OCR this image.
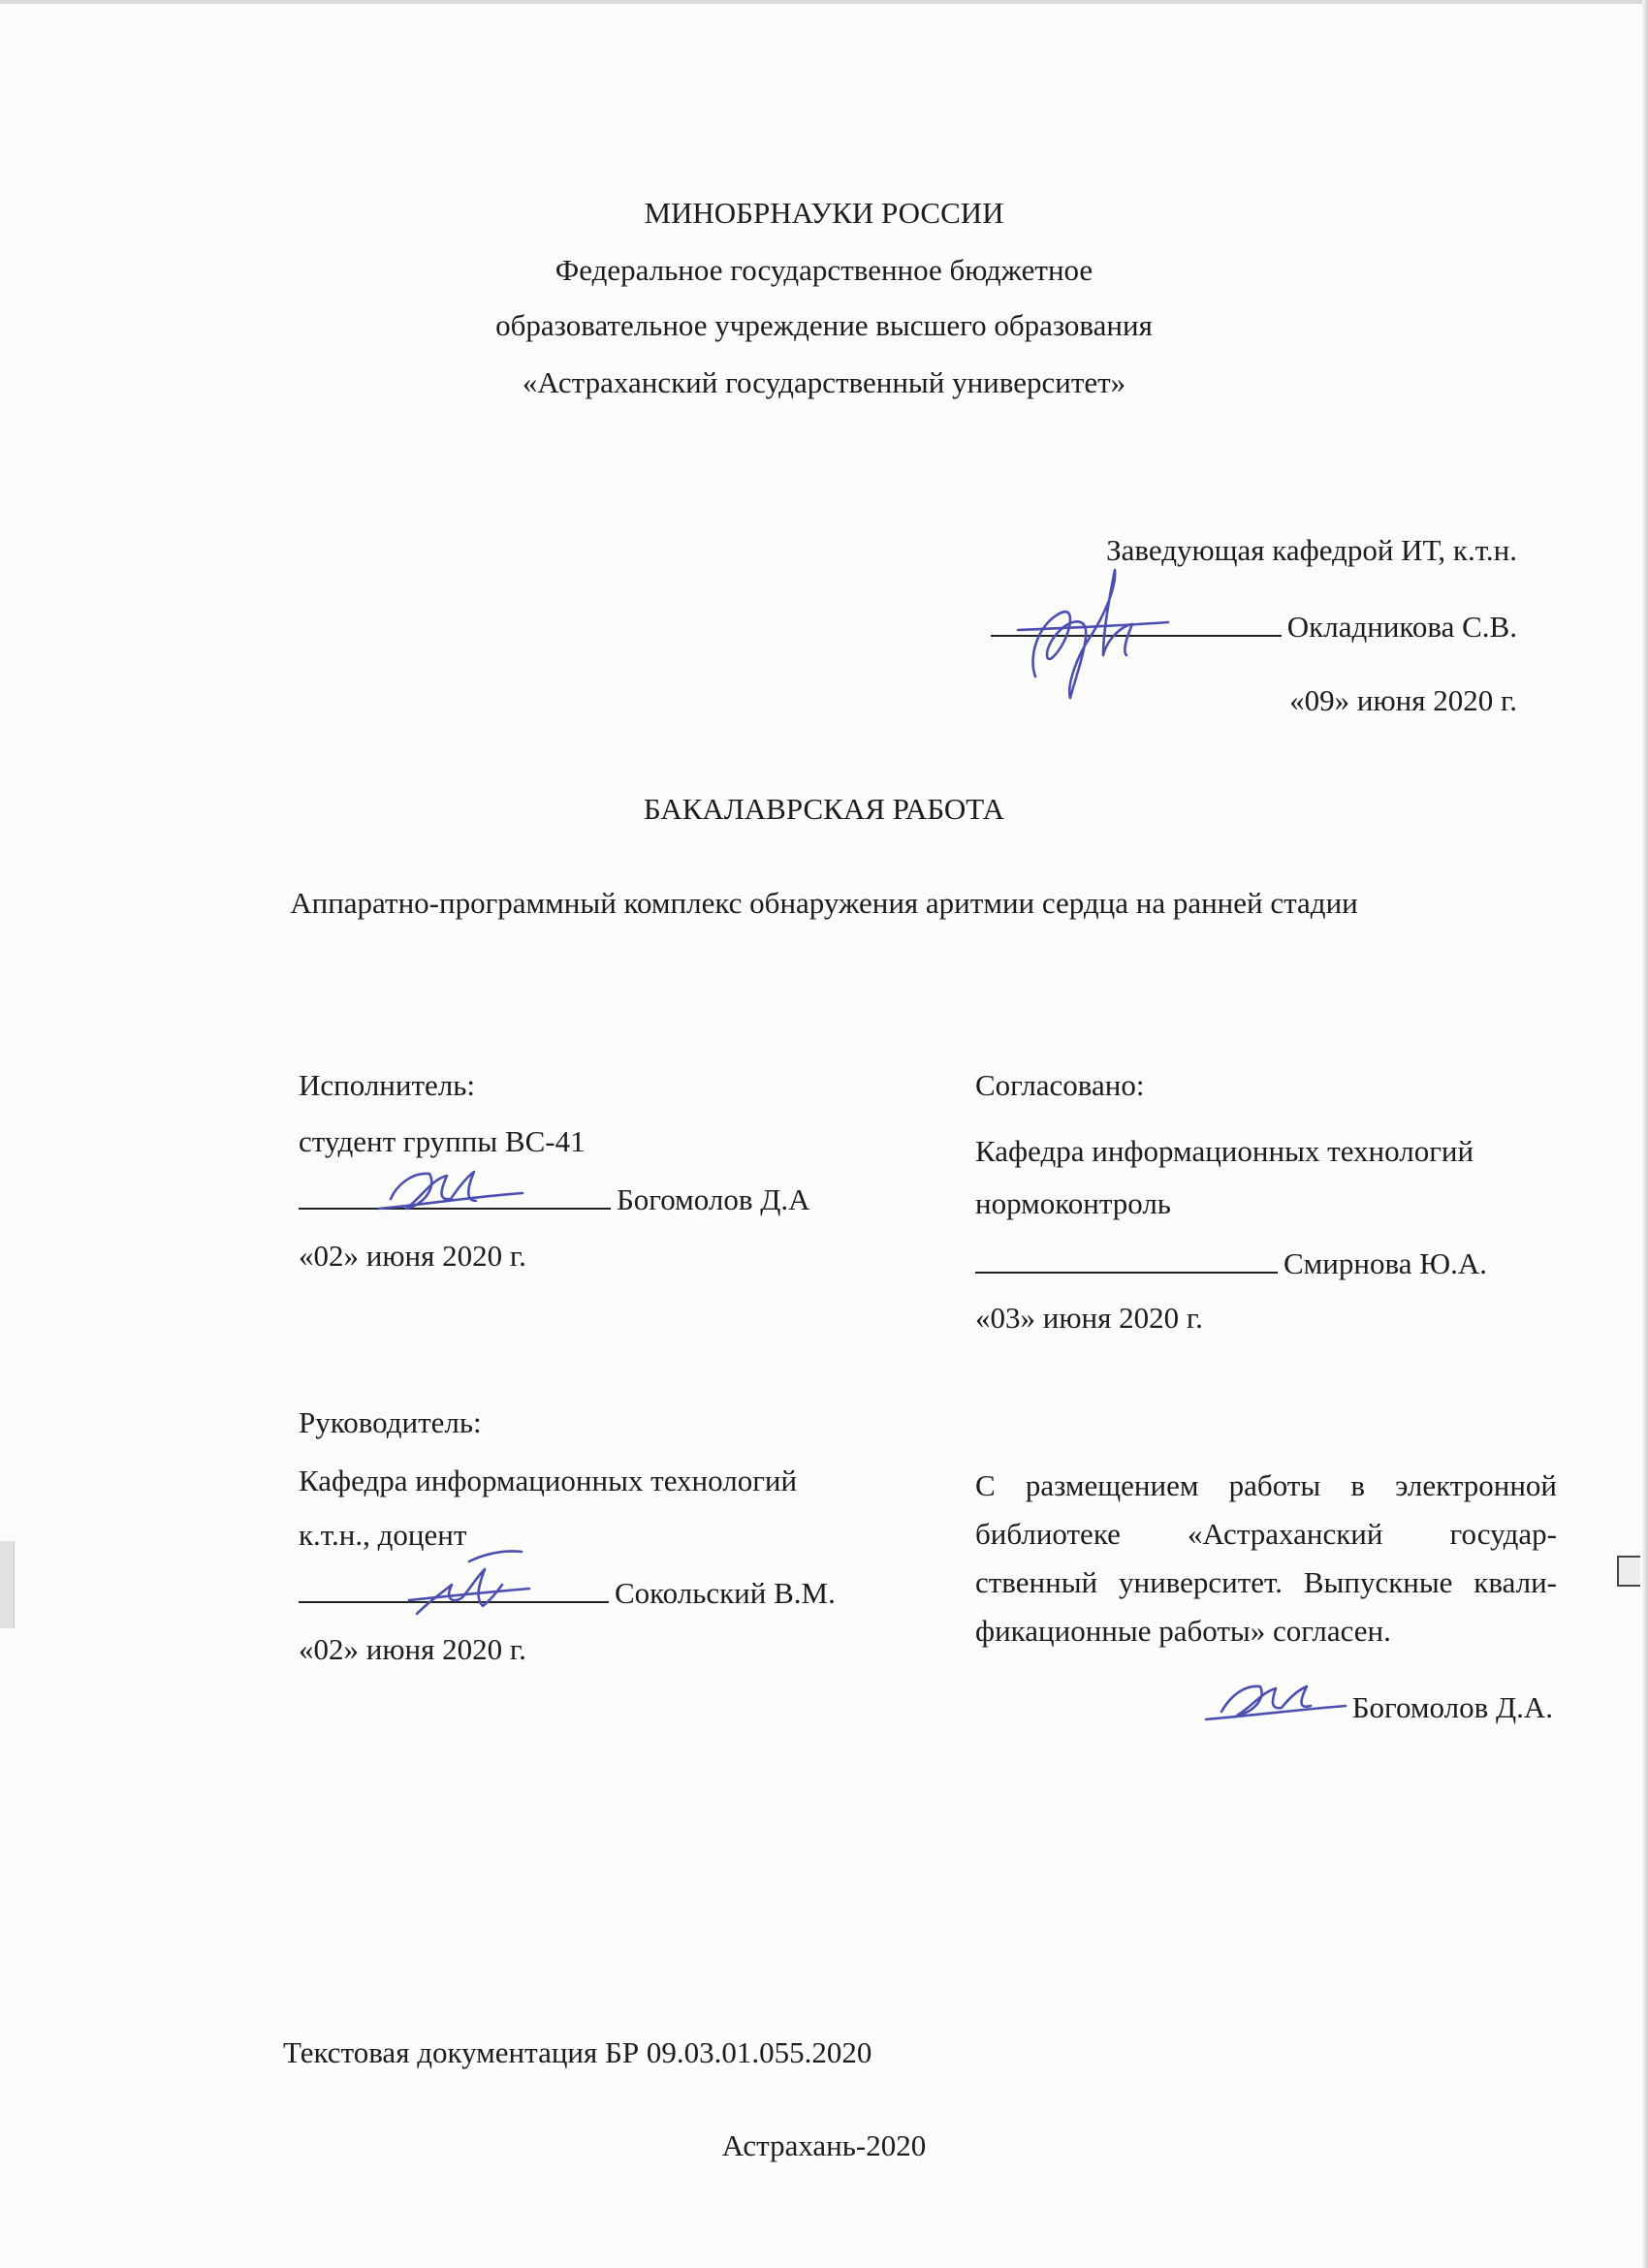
МИНОБРНАУКИ РОССИИ
Федеральное государственное бюджетное
образовательное учреждение высшего образования
«Астраханский государственный университет»
Заведующая кафедрой ИТ, к.т.н.
Окладникова С.В.
«09» июня 2020 г.
БАКАЛАВРСКАЯ РАБОТА
Аппаратно-программный комплекс обнаружения аритмии сердца на ранней стадии
Исполнитель:
студент группы ВС-41
Богомолов Д.А
«02» июня 2020 г.
Согласовано:
Кафедра информационных технологий
нормоконтроль
Смирнова Ю.А.
«03» июня 2020 г.
Руководитель:
Кафедра информационных технологий
к.т.н., доцент
Сокольский В.М.
«02» июня 2020 г.
С размещением работы в электронной
библиотеке «Астраханский государ-
ственный университет. Выпускные квали-
фикационные работы» согласен.
Богомолов Д.А.
Текстовая документация БР 09.03.01.055.2020
Астрахань-2020
